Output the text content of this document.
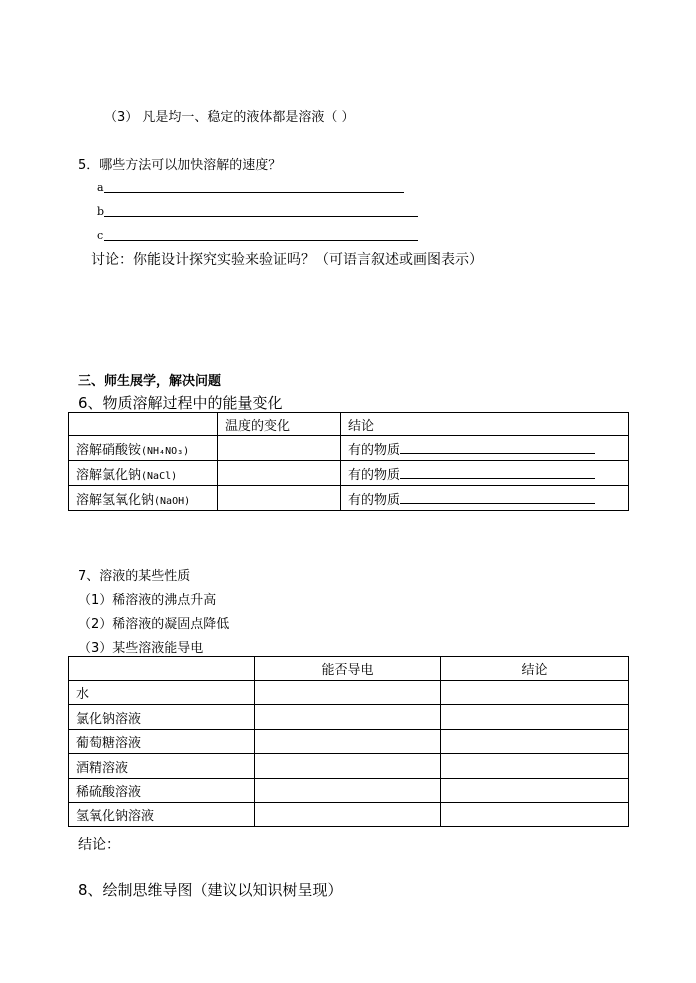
（3） 凡是均一、稳定的液体都是溶液（ ）
5．哪些方法可以加快溶解的速度？
a
b
c
讨论：你能设计探究实验来验证吗？（可语言叙述或画图表示）
三、师生展学，解决问题
6、物质溶解过程中的能量变化
	温度的变化	结论
溶解硝酸铵(NH₄NO₃)		有的物质
溶解氯化钠(NaCl)		有的物质
溶解氢氧化钠(NaOH)		有的物质
7、溶液的某些性质
（1）稀溶液的沸点升高
（2）稀溶液的凝固点降低
（3）某些溶液能导电
	能否导电	结论
水		
氯化钠溶液		
葡萄糖溶液		
酒精溶液		
稀硫酸溶液		
氢氧化钠溶液		
结论：
8、绘制思维导图（建议以知识树呈现）
